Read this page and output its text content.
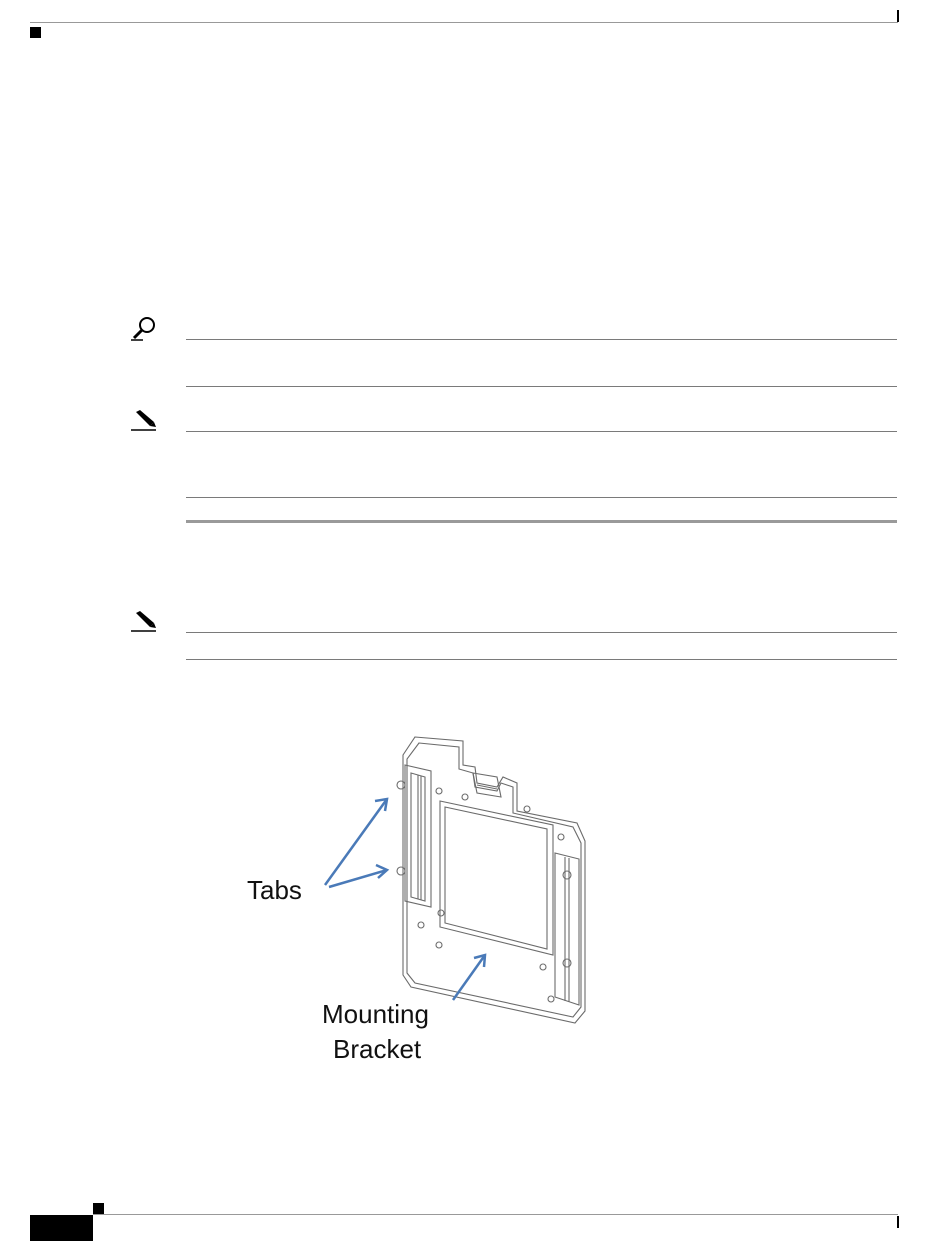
Tabs
Mounting
Bracket
